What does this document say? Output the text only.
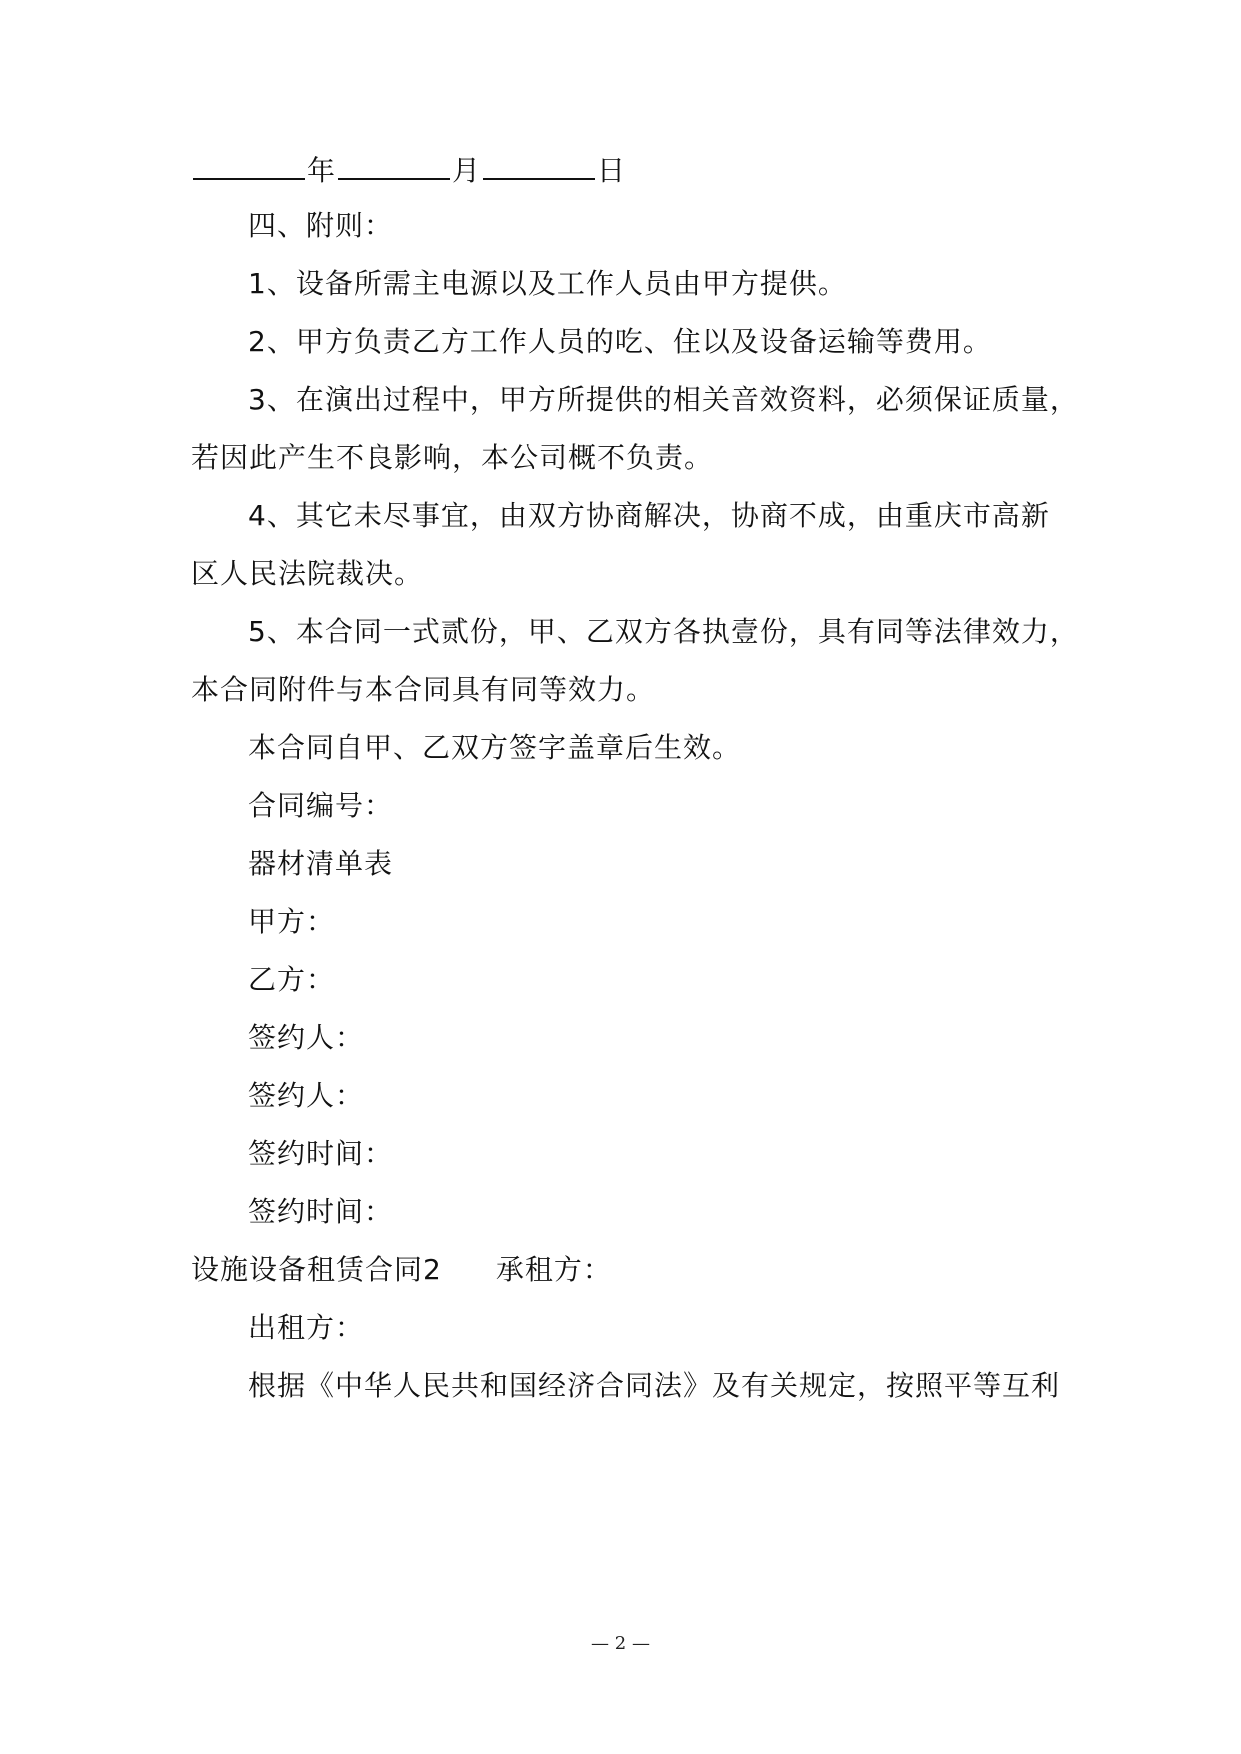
年	月	日
四、附则：
1、设备所需主电源以及工作人员由甲方提供。
2、甲方负责乙方工作人员的吃、住以及设备运输等费用。
3、在演出过程中，甲方所提供的相关音效资料，必须保证质量，
若因此产生不良影响，本公司概不负责。
4、其它未尽事宜，由双方协商解决，协商不成，由重庆市高新
区人民法院裁决。
5、本合同一式贰份，甲、乙双方各执壹份，具有同等法律效力，
本合同附件与本合同具有同等效力。
本合同自甲、乙双方签字盖章后生效。
合同编号：
器材清单表
甲方：
乙方：
签约人：
签约人：
签约时间：
签约时间：
设施设备租赁合同2 承租方：
出租方：
根据《中华人民共和国经济合同法》及有关规定，按照平等互利
— 2 —
